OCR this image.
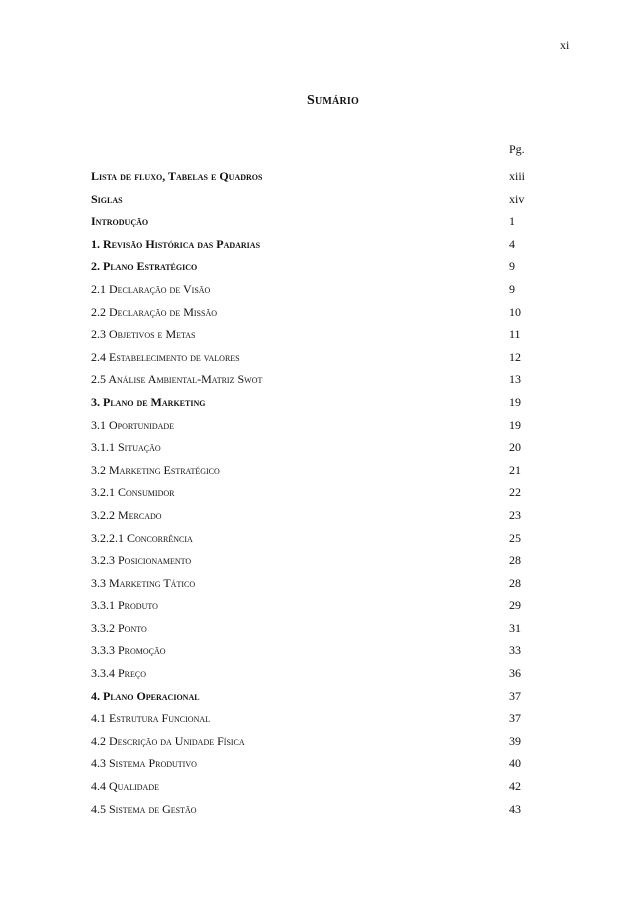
xi
Sumário
Pg.
Lista de fluxo, Tabelas e Quadros	xiii
Siglas	xiv
Introdução	1
1. Revisão Histórica das Padarias	4
2. Plano Estratégico	9
2.1 Declaração de Visão	9
2.2 Declaração de Missão	10
2.3 Objetivos e Metas	11
2.4 Estabelecimento de valores	12
2.5 Análise Ambiental-Matriz Swot	13
3. Plano de Marketing	19
3.1 Oportunidade	19
3.1.1 Situação	20
3.2 Marketing Estratégico	21
3.2.1 Consumidor	22
3.2.2 Mercado	23
3.2.2.1 Concorrência	25
3.2.3 Posicionamento	28
3.3 Marketing Tático	28
3.3.1 Produto	29
3.3.2 Ponto	31
3.3.3 Promoção	33
3.3.4 Preço	36
4. Plano Operacional	37
4.1 Estrutura Funcional	37
4.2 Descrição da Unidade Física	39
4.3 Sistema Produtivo	40
4.4 Qualidade	42
4.5 Sistema de Gestão	43
